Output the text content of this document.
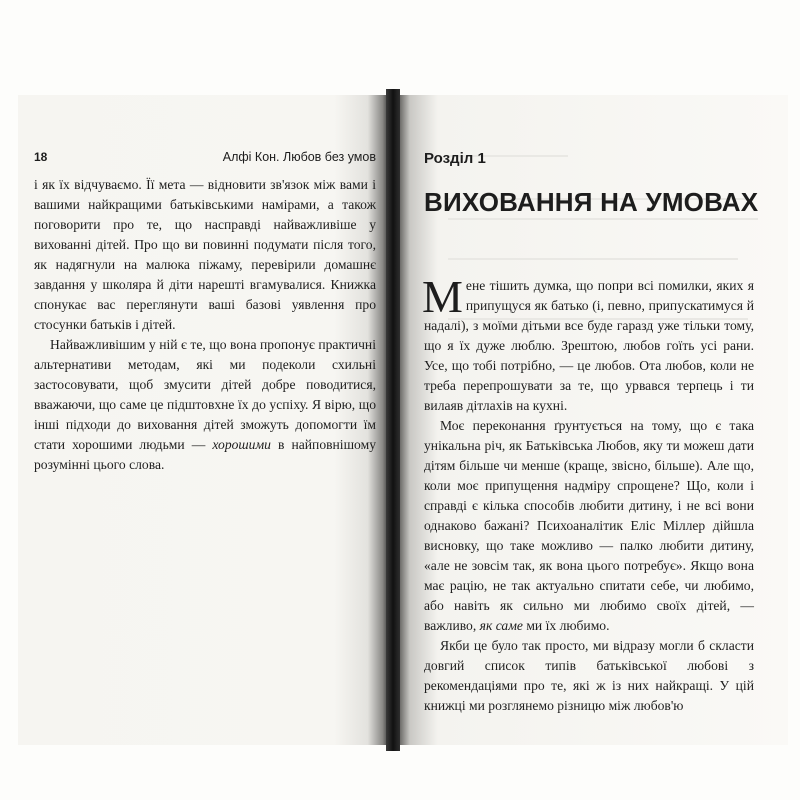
18	Алфі Кон. Любов без умов

і як їх відчуваємо. Її мета — відновити зв'язок між вами і вашими найкращими батьківськими намірами, а також поговорити про те, що насправді найважливіше у вихованні дітей. Про що ви повинні подумати після того, як надягнули на малюка піжаму, перевірили домашнє завдання у школяра й діти нарешті вгамувалися. Книжка спонукає вас переглянути ваші базові уявлення про стосунки батьків і дітей.

Найважливішим у ній є те, що вона пропонує практичні альтернативи методам, які ми подеколи схильні застосовувати, щоб змусити дітей добре поводитися, вважаючи, що саме це підштовхне їх до успіху. Я вірю, що інші підходи до виховання дітей зможуть допомогти їм стати хорошими людьми — хорошими в найповнішому розумінні цього слова.

Розділ 1
ВИХОВАННЯ НА УМОВАХ

Мене тішить думка, що попри всі помилки, яких я припущуся як батько (і, певно, припускатимуся й надалі), з моїми дітьми все буде гаразд уже тільки тому, що я їх дуже люблю. Зрештою, любов гоїть усі рани. Усе, що тобі потрібно, — це любов. Ота любов, коли не треба перепрошувати за те, що урвався терпець і ти вилаяв дітлахів на кухні.

Моє переконання ґрунтується на тому, що є така унікальна річ, як Батьківська Любов, яку ти можеш дати дітям більше чи менше (краще, звісно, більше). Але що, коли моє припущення надміру спрощене? Що, коли і справді є кілька способів любити дитину, і не всі вони однаково бажані? Психоаналітик Еліс Міллер дійшла висновку, що таке можливо — палко любити дитину, «але не зовсім так, як вона цього потребує». Якщо вона має рацію, не так актуально спитати себе, чи любимо, або навіть як сильно ми любимо своїх дітей, — важливо, як саме ми їх любимо.

Якби це було так просто, ми відразу могли б скласти довгий список типів батьківської любові з рекомендаціями про те, які ж із них найкращі. У цій книжці ми розглянемо різницю між любов'ю
